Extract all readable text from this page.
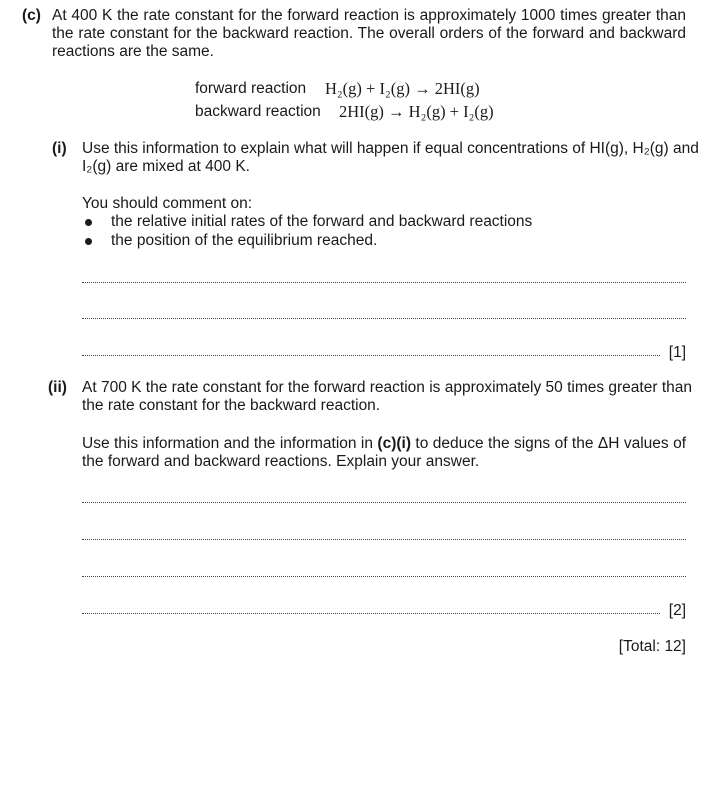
(c) At 400 K the rate constant for the forward reaction is approximately 1000 times greater than
the rate constant for the backward reaction. The overall orders of the forward and backward
reactions are the same.
forward reaction H₂(g) + I₂(g) → 2HI(g)
backward reaction 2HI(g) → H₂(g) + I₂(g)
(i) Use this information to explain what will happen if equal concentrations of HI(g), H₂(g) and
I₂(g) are mixed at 400 K.
You should comment on:
the relative initial rates of the forward and backward reactions
the position of the equilibrium reached.
[1]
(ii) At 700 K the rate constant for the forward reaction is approximately 50 times greater than
the rate constant for the backward reaction.
Use this information and the information in (c)(i) to deduce the signs of the ΔH values of
the forward and backward reactions. Explain your answer.
[2]
[Total: 12]
